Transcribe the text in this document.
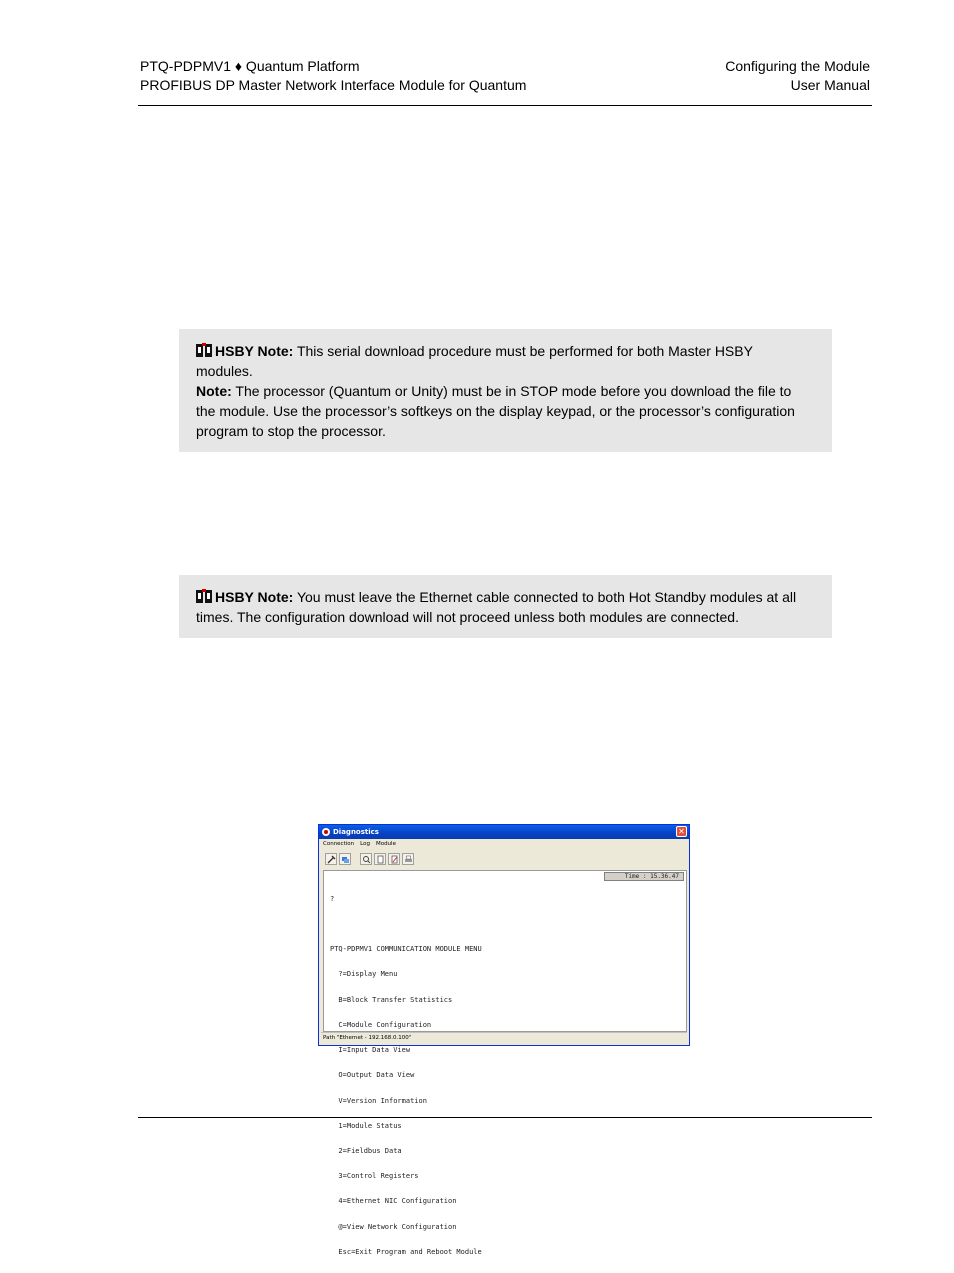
PTQ-PDPMV1 ♦ Quantum Platform
PROFIBUS DP Master Network Interface Module for Quantum
Configuring the Module
User Manual
HSBY Note: This serial download procedure must be performed for both Master HSBY modules.
Note: The processor (Quantum or Unity) must be in STOP mode before you download the file to the module. Use the processor’s softkeys on the display keypad, or the processor’s configuration program to stop the processor.
HSBY Note: You must leave the Ethernet cable connected to both Hot Standby modules at all times. The configuration download will not proceed unless both modules are connected.
Diagnostics	✕
Connection Log Module
Time : 15.36.47

?

PTQ-PDPMV1 COMMUNICATION MODULE MENU

?=Display Menu

B=Block Transfer Statistics

C=Module Configuration

I=Input Data View

O=Output Data View

V=Version Information

1=Module Status

2=Fieldbus Data

3=Control Registers

4=Ethernet NIC Configuration

@=View Network Configuration

Esc=Exit Program and Reboot Module

Path "Ethernet - 192.168.0.100"
